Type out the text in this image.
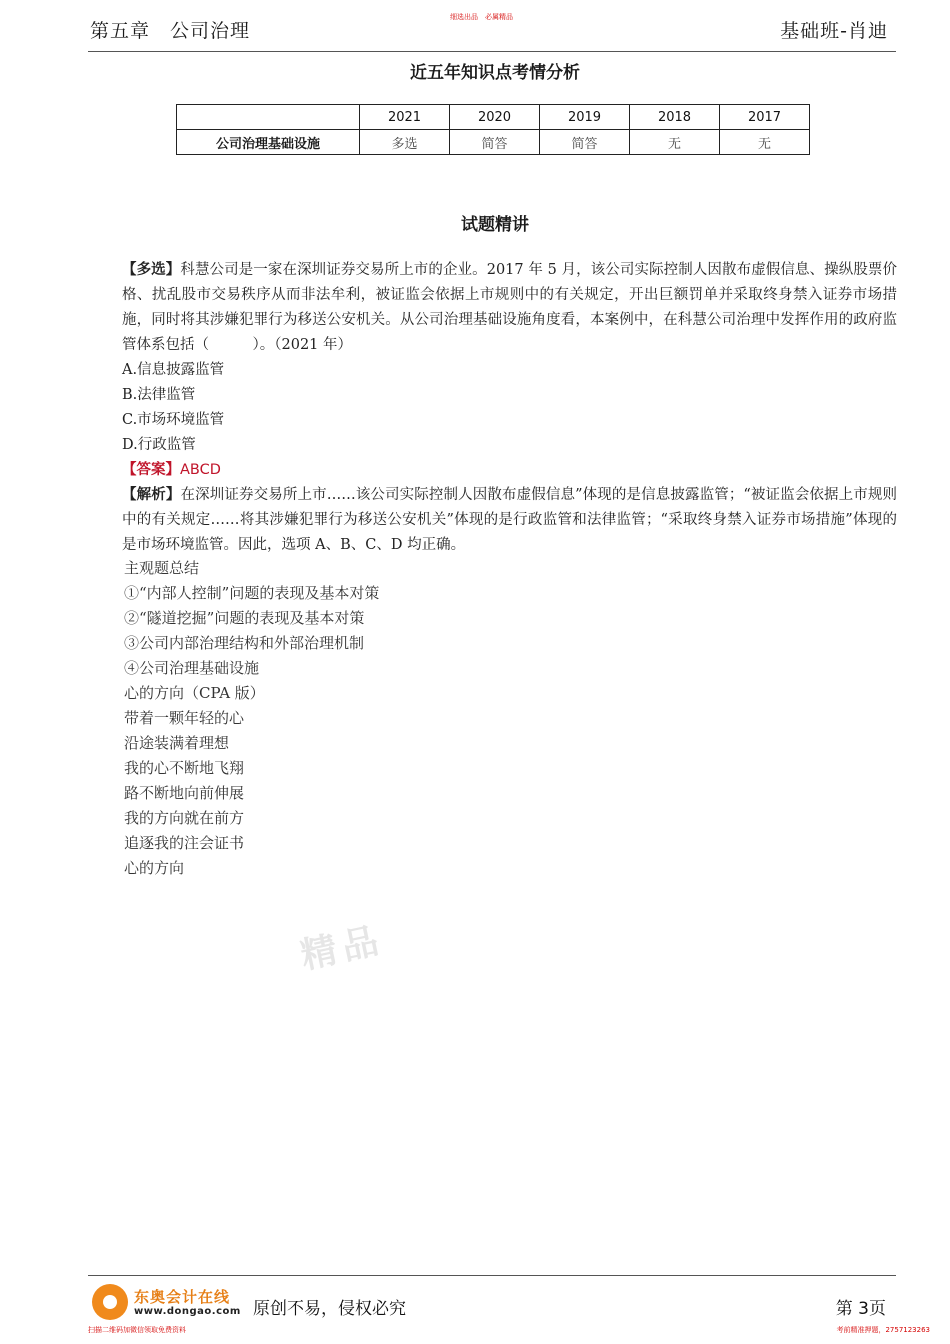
第五章　公司治理
细选出品　必属精品
基础班-肖迪
近五年知识点考情分析
	2021	2020	2019	2018	2017
公司治理基础设施	多选	简答	简答	无	无
试题精讲

【多选】科慧公司是一家在深圳证券交易所上市的企业。2017 年 5 月，该公司实际控制人因散布虚假信息、操纵股票价格、扰乱股市交易秩序从而非法牟利，被证监会依据上市规则中的有关规定，开出巨额罚单并采取终身禁入证券市场措施，同时将其涉嫌犯罪行为移送公安机关。从公司治理基础设施角度看，本案例中，在科慧公司治理中发挥作用的政府监管体系包括（　　　）。（2021 年）

A.信息披露监管
B.法律监管
C.市场环境监管
D.行政监管
【答案】ABCD

【解析】在深圳证券交易所上市……该公司实际控制人因散布虚假信息”体现的是信息披露监管；“被证监会依据上市规则中的有关规定……将其涉嫌犯罪行为移送公安机关”体现的是行政监管和法律监管；“采取终身禁入证券市场措施”体现的是市场环境监管。因此，选项 A、B、C、D 均正确。

主观题总结
①“内部人控制”问题的表现及基本对策
②“隧道挖掘”问题的表现及基本对策
③公司内部治理结构和外部治理机制
④公司治理基础设施
心的方向（CPA 版）
带着一颗年轻的心
沿途装满着理想
我的心不断地飞翔
路不断地向前伸展
我的方向就在前方
追逐我的注会证书
心的方向
精品
东奥会计在线
www.dongao.com 原创不易，侵权必究	第 3页
扫描二维码加微信领取免费资料	考前精准押题，2757123263
